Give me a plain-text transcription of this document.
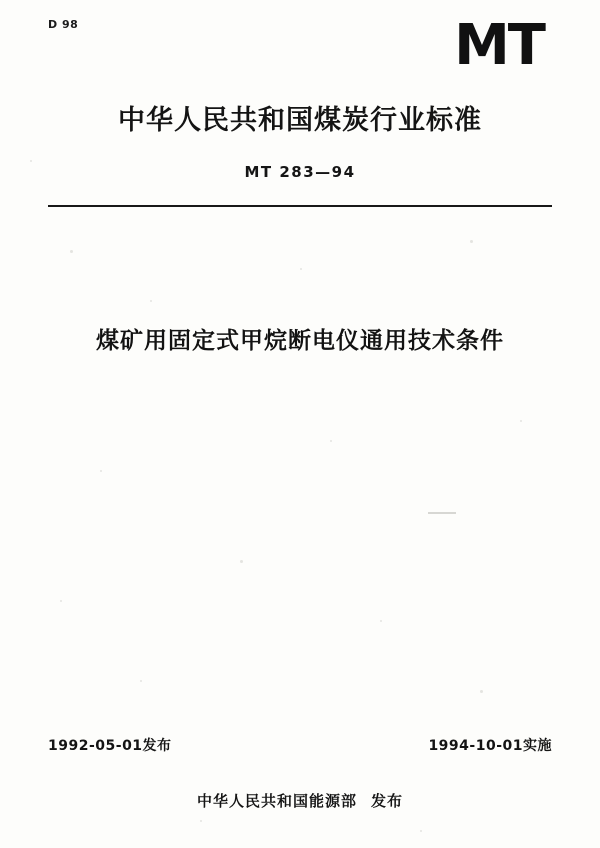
D 98	MT
中华人民共和国煤炭行业标准
MT 283—94
煤矿用固定式甲烷断电仪通用技术条件
1992-05-01发布	1994-10-01实施
中华人民共和国能源部 发布
